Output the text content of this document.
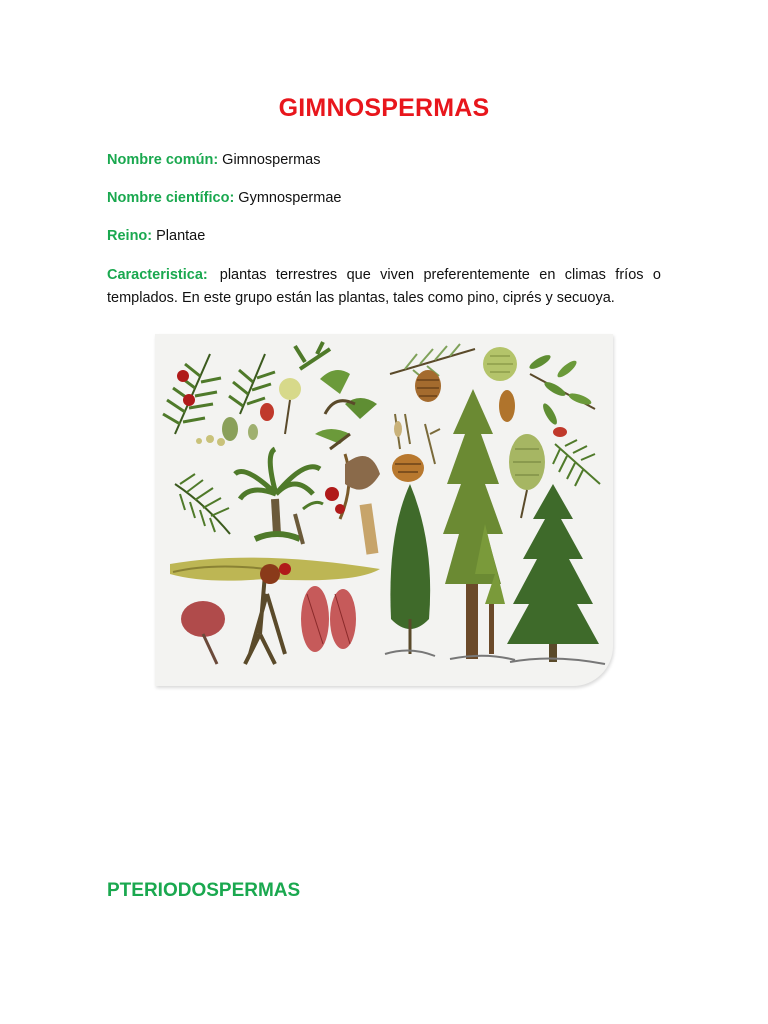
GIMNOSPERMAS
Nombre común: Gimnospermas
Nombre científico: Gymnospermae
Reino: Plantae
Caracteristica: plantas terrestres que viven preferentemente en climas fríos o templados. En este grupo están las plantas, tales como pino, ciprés y secuoya.
PTERIODOSPERMAS
